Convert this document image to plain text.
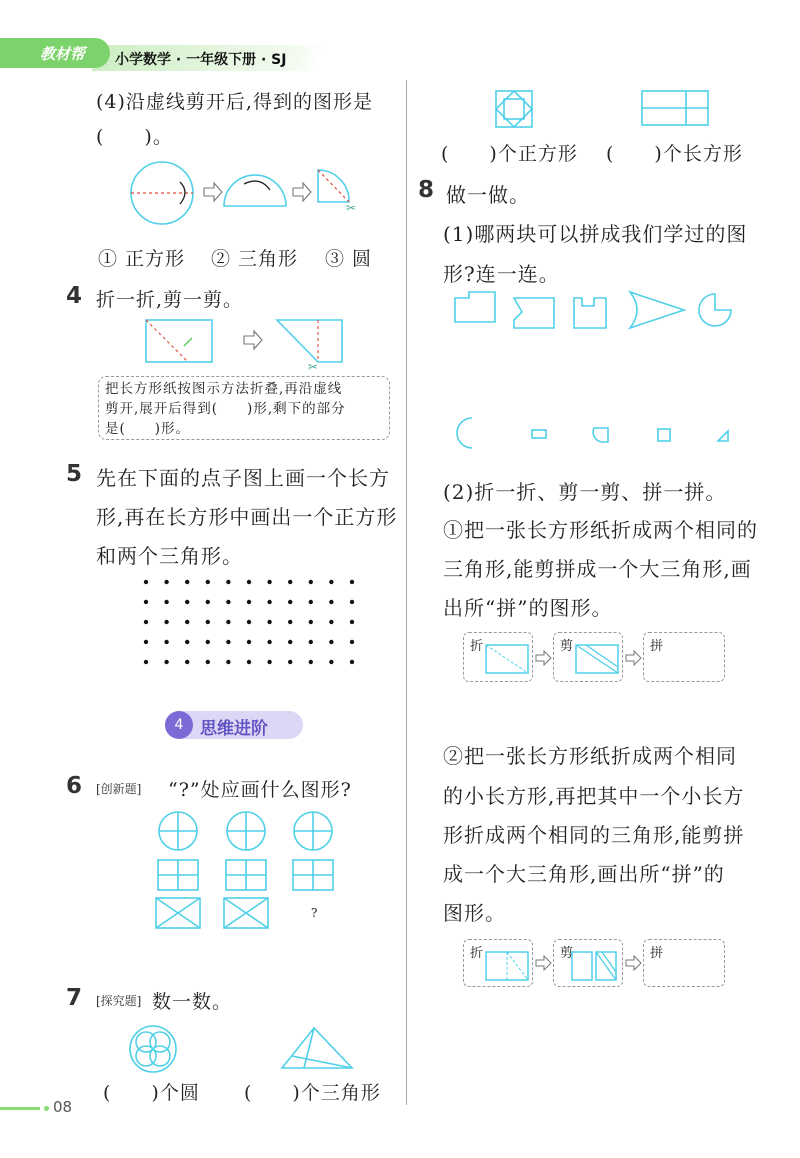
教材帮 小学数学 · 一年级下册 · SJ
(4)沿虚线剪开后,得到的图形是
(　　)。
✂
① 正方形 ② 三角形 ③ 圆
4 折一折,剪一剪。
✂
把长方形纸按图示方法折叠,再沿虚线
剪开,展开后得到(　　)形,剩下的部分
是(　　)形。
5 先在下面的点子图上画一个长方
形,再在长方形中画出一个正方形
和两个三角形。
4 思维进阶
6 [创新题] “?”处应画什么图形?
?
7 [探究题] 数一数。
(　　)个圆 (　　)个三角形
(　　)个正方形 (　　)个长方形
8 做一做。
(1)哪两块可以拼成我们学过的图
形?连一连。
(2)折一折、剪一剪、拼一拼。
①把一张长方形纸折成两个相同的
三角形,能剪拼成一个大三角形,画
出所“拼”的图形。
折	剪	拼
②把一张长方形纸折成两个相同
的小长方形,再把其中一个小长方
形折成两个相同的三角形,能剪拼
成一个大三角形,画出所“拼”的
图形。
折	剪	拼
08
